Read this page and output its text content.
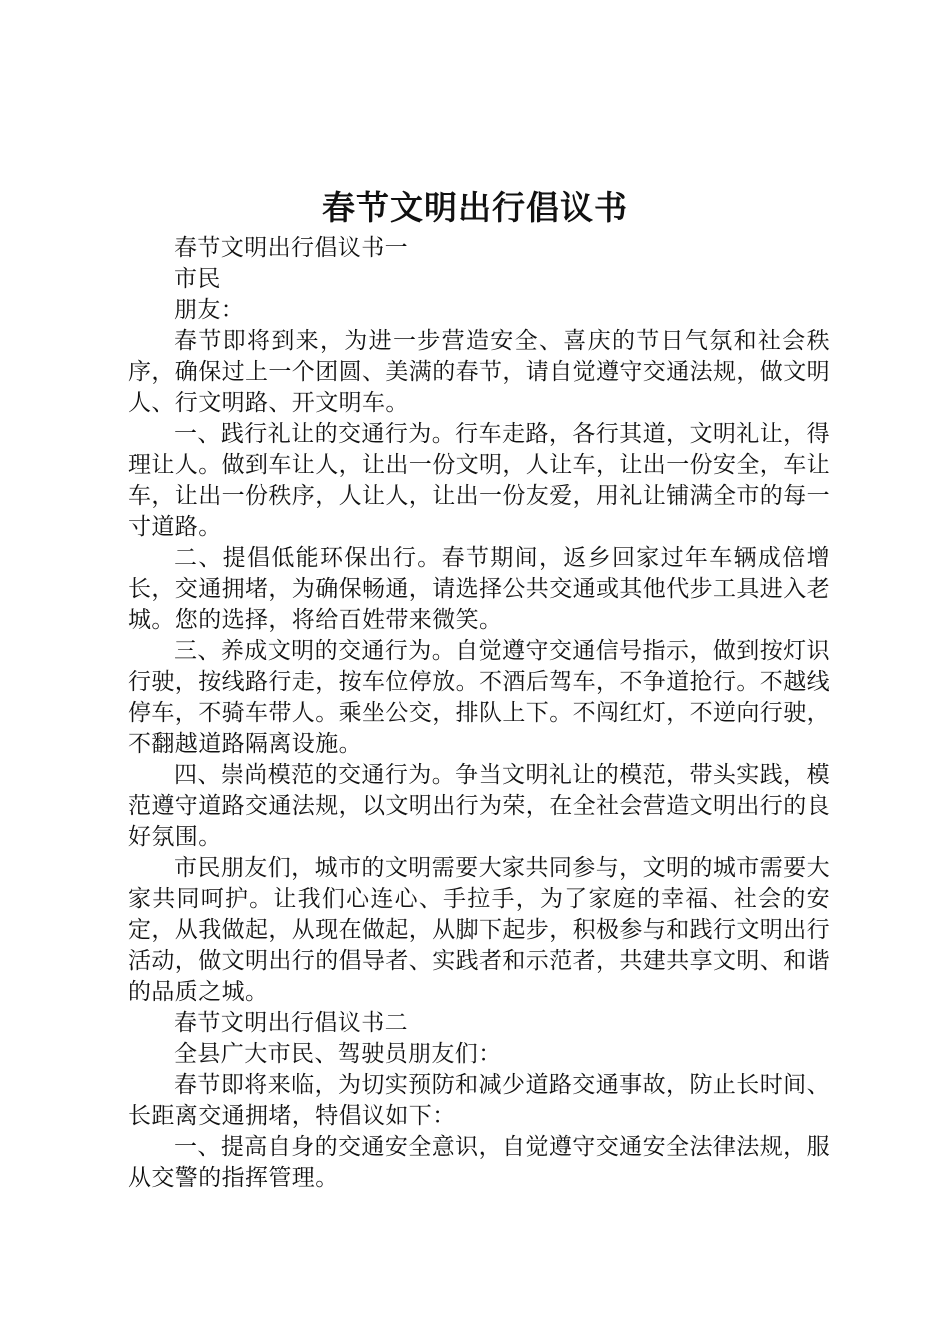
春节文明出行倡议书

春节文明出行倡议书一

市民

朋友：

春节即将到来，为进一步营造安全、喜庆的节日气氛和社会秩序，确保过上一个团圆、美满的春节，请自觉遵守交通法规，做文明人、行文明路、开文明车。

一、践行礼让的交通行为。行车走路，各行其道，文明礼让，得理让人。做到车让人，让出一份文明，人让车，让出一份安全，车让车，让出一份秩序，人让人，让出一份友爱，用礼让铺满全市的每一寸道路。

二、提倡低能环保出行。春节期间，返乡回家过年车辆成倍增长，交通拥堵，为确保畅通，请选择公共交通或其他代步工具进入老城。您的选择，将给百姓带来微笑。

三、养成文明的交通行为。自觉遵守交通信号指示，做到按灯识行驶，按线路行走，按车位停放。不酒后驾车，不争道抢行。不越线停车，不骑车带人。乘坐公交，排队上下。不闯红灯，不逆向行驶，不翻越道路隔离设施。

四、崇尚模范的交通行为。争当文明礼让的模范，带头实践，模范遵守道路交通法规，以文明出行为荣，在全社会营造文明出行的良好氛围。

市民朋友们，城市的文明需要大家共同参与，文明的城市需要大家共同呵护。让我们心连心、手拉手，为了家庭的幸福、社会的安定，从我做起，从现在做起，从脚下起步，积极参与和践行文明出行活动，做文明出行的倡导者、实践者和示范者，共建共享文明、和谐的品质之城。

春节文明出行倡议书二

全县广大市民、驾驶员朋友们：

春节即将来临，为切实预防和减少道路交通事故，防止长时间、长距离交通拥堵，特倡议如下：

一、提高自身的交通安全意识，自觉遵守交通安全法律法规，服从交警的指挥管理。
